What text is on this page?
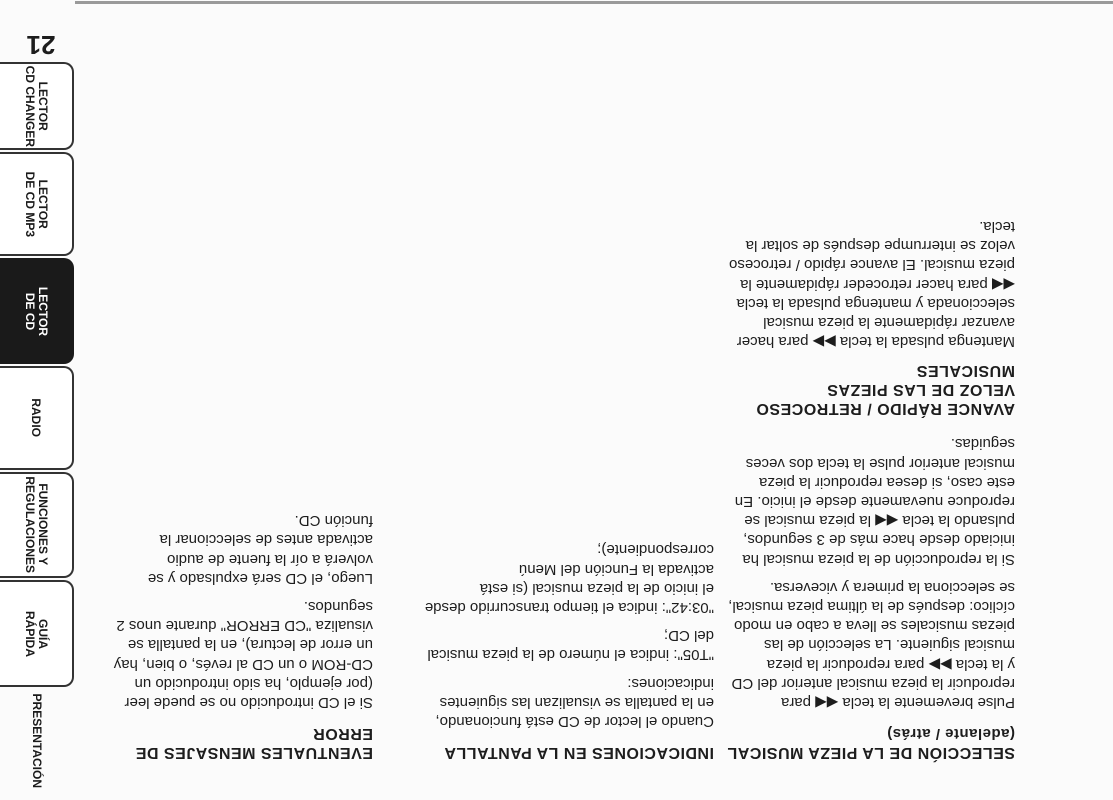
21
PRESENTACIÓN
GUÍA
RÁPIDA
FUNCIONES Y
REGULACIONES
RADIO
LECTOR
DE CD
LECTOR
DE CD MP3
LECTOR
CD CHANGER
EVENTUALES MENSAJES DE ERROR

Si el CD introducido no se puede leer (por ejemplo, ha sido introducido un CD-ROM o un CD al revés, o bien, hay un error de lectura), en la pantalla se visualiza "CD ERROR" durante unos 2 segundos.

Luego, el CD será expulsado y se volverá a oír la fuente de audio activada antes de seleccionar la función CD.

INDICACIONES EN LA PANTALLA

Cuando el lector de CD está funcionando, en la pantalla se visualizan las siguientes indicaciones:

"T05": indica el número de la pieza musical del CD;

"03:42": indica el tiempo transcurrido desde el inicio de la pieza musical (si está activada la Función del Menú correspondiente);

SELECCIÓN DE LA PIEZA MUSICAL (adelante / atrás)

Pulse brevemente la tecla ◀◀ para reproducir la pieza musical anterior del CD y la tecla ▶▶ para reproducir la pieza musical siguiente. La selección de las piezas musicales se lleva a cabo en modo cíclico: después de la última pieza musical, se selecciona la primera y viceversa.

Si la reproducción de la pieza musical ha iniciado desde hace más de 3 segundos, pulsando la tecla ◀◀ la pieza musical se reproduce nuevamente desde el inicio. En este caso, si desea reproducir la pieza musical anterior pulse la tecla dos veces seguidas.

AVANCE RÁPIDO / RETROCESO VELOZ DE LAS PIEZAS MUSICALES

Mantenga pulsada la tecla ▶▶ para hacer avanzar rápidamente la pieza musical seleccionada y mantenga pulsada la tecla ◀◀ para hacer retroceder rápidamente la pieza musical. El avance rápido / retroceso veloz se interrumpe después de soltar la tecla.
